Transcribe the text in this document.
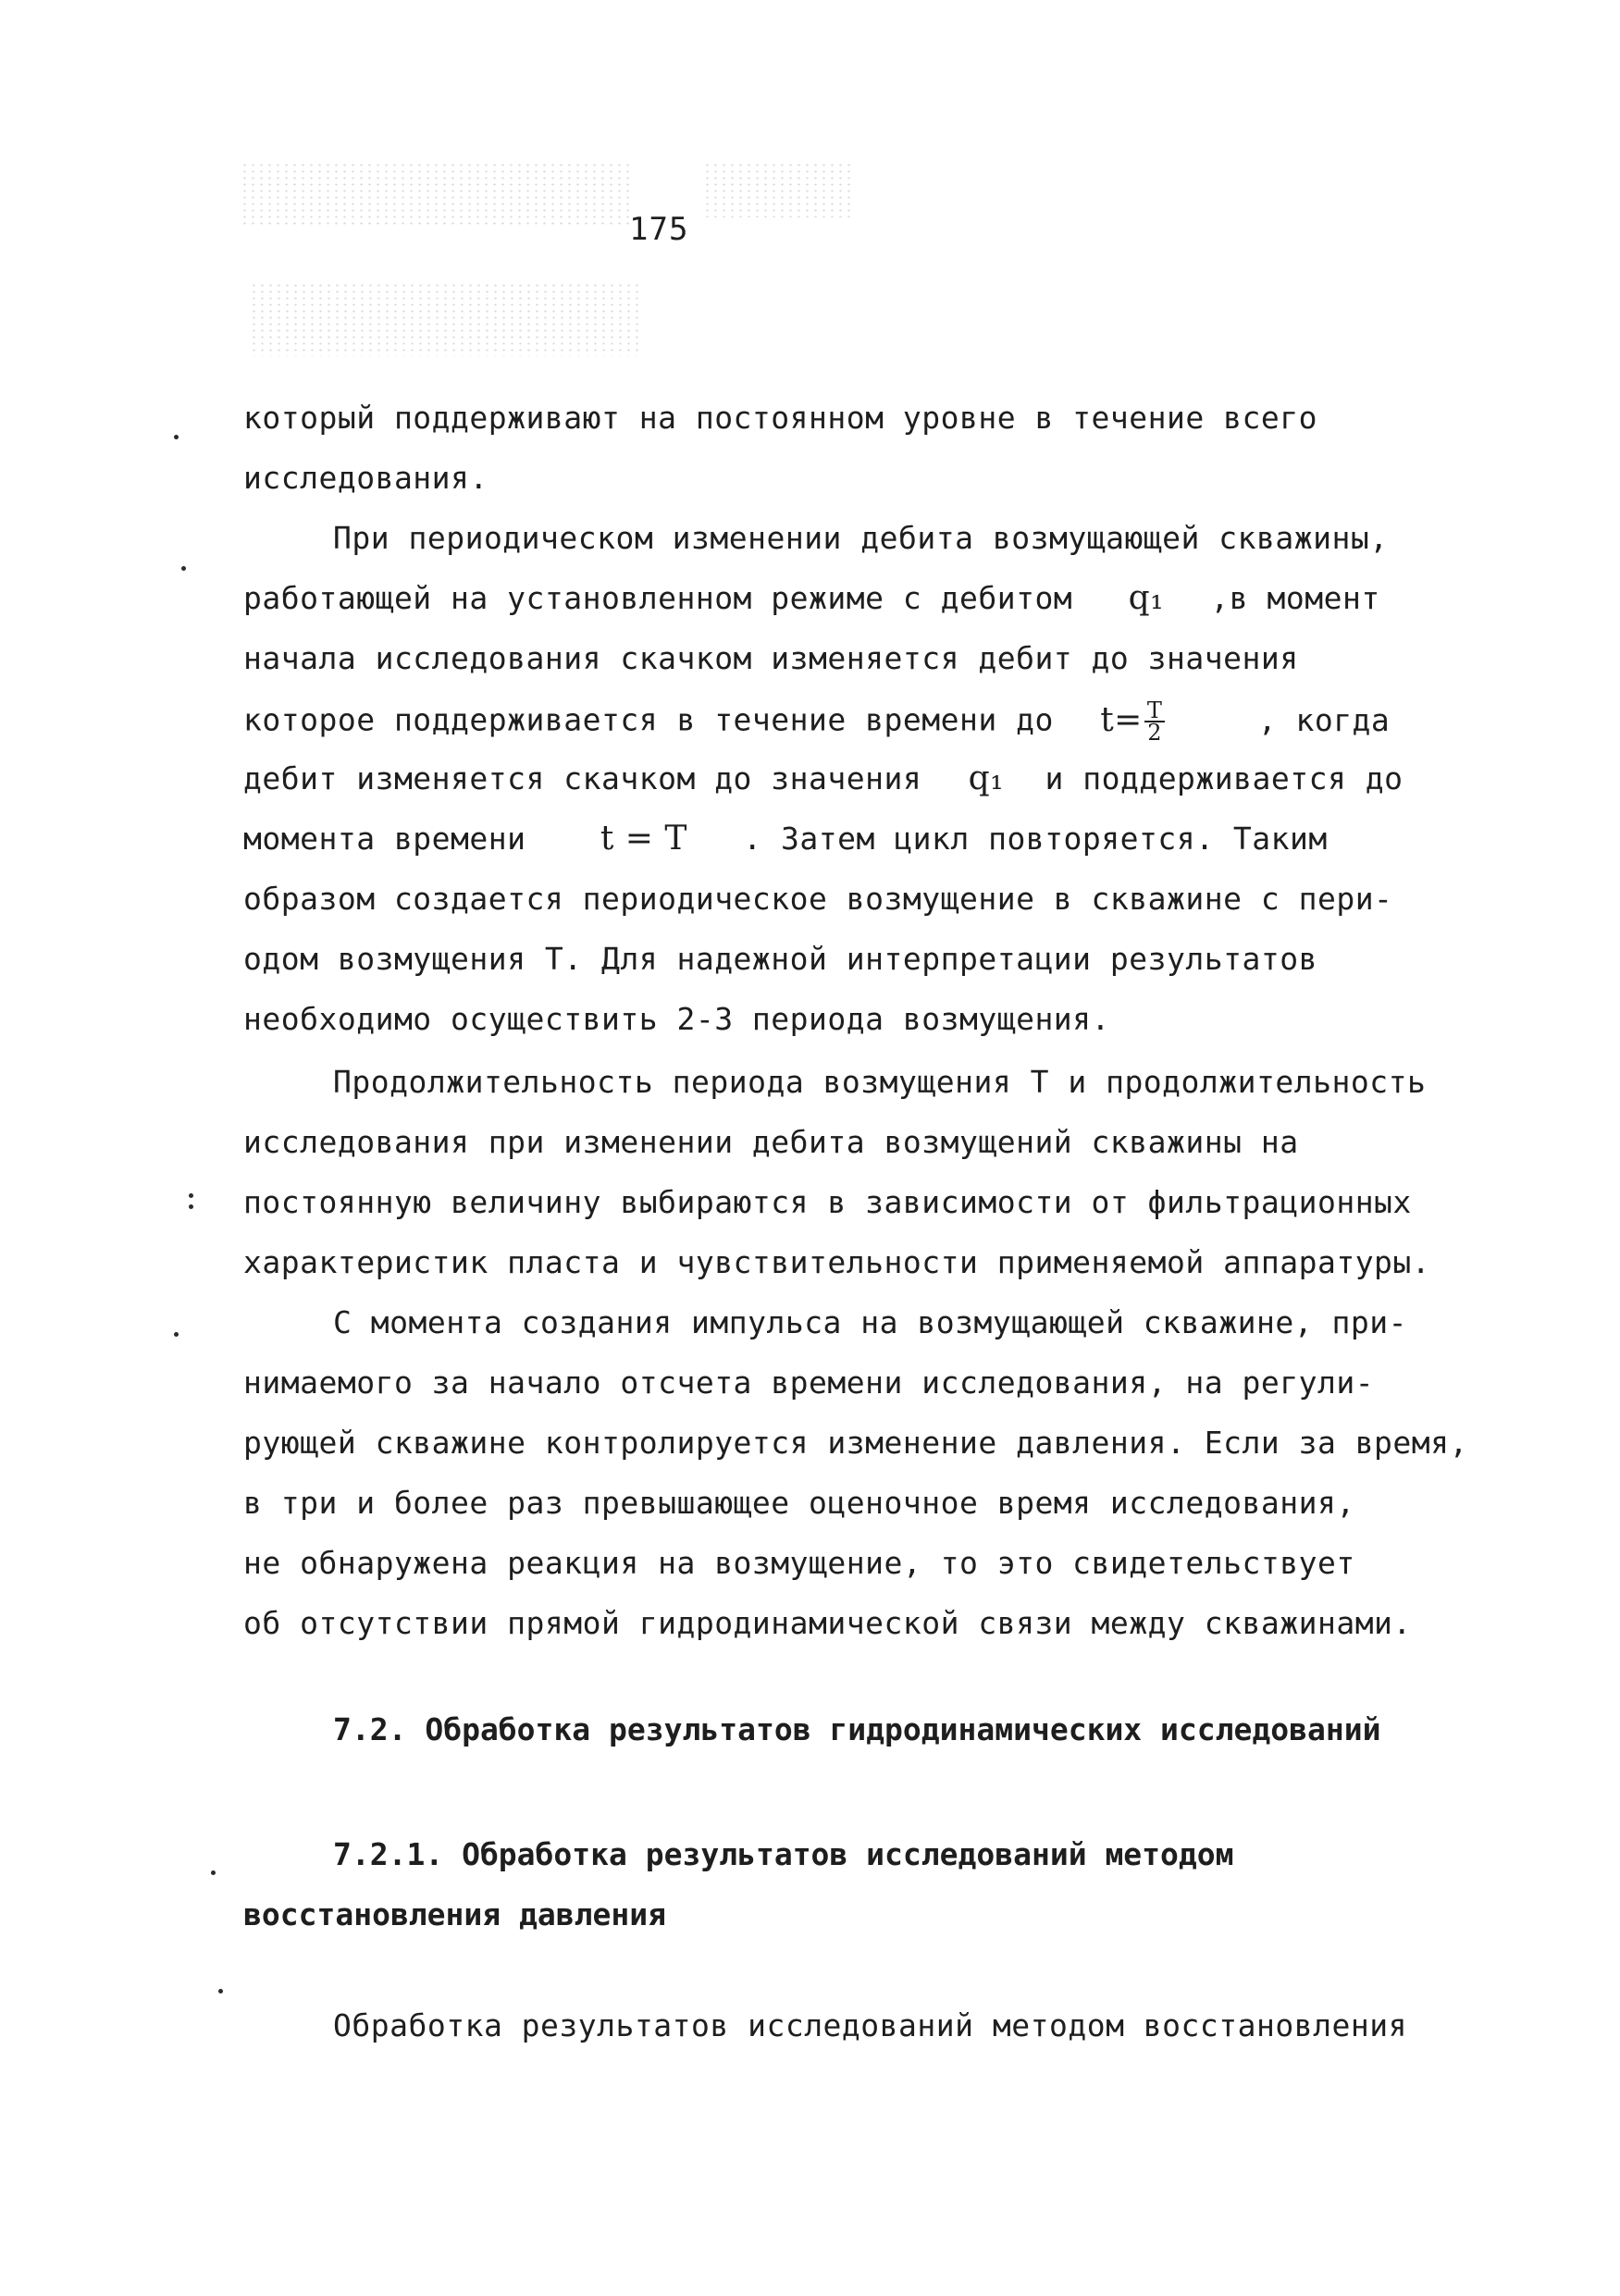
175
который поддерживают на постоянном уровне в течение всего
исследования.
При периодическом изменении дебита возмущающей скважины,
работающей на установленном режиме с дебитом q₁ ,в момент
начала исследования скачком изменяется дебит до значения
которое поддерживается в течение времени до $t= \frac{T}{2}$	, когда
дебит изменяется скачком до значения q₁ и поддерживается до
момента времени t = T . Затем цикл повторяется. Таким
образом создается периодическое возмущение в скважине с пери-
одом возмущения Т. Для надежной интерпретации результатов
необходимо осуществить 2-3 периода возмущения.
Продолжительность периода возмущения Т и продолжительность
исследования при изменении дебита возмущений скважины на
постоянную величину выбираются в зависимости от фильтрационных
характеристик пласта и чувствительности применяемой аппаратуры.
С момента создания импульса на возмущающей скважине, при-
нимаемого за начало отсчета времени исследования, на регули-
рующей скважине контролируется изменение давления. Если за время,
в три и более раз превышающее оценочное время исследования,
не обнаружена реакция на возмущение, то это свидетельствует
об отсутствии прямой гидродинамической связи между скважинами.
7.2. Обработка результатов гидродинамических исследований
7.2.1. Обработка результатов исследований методом
восстановления давления
Обработка результатов исследований методом восстановления
